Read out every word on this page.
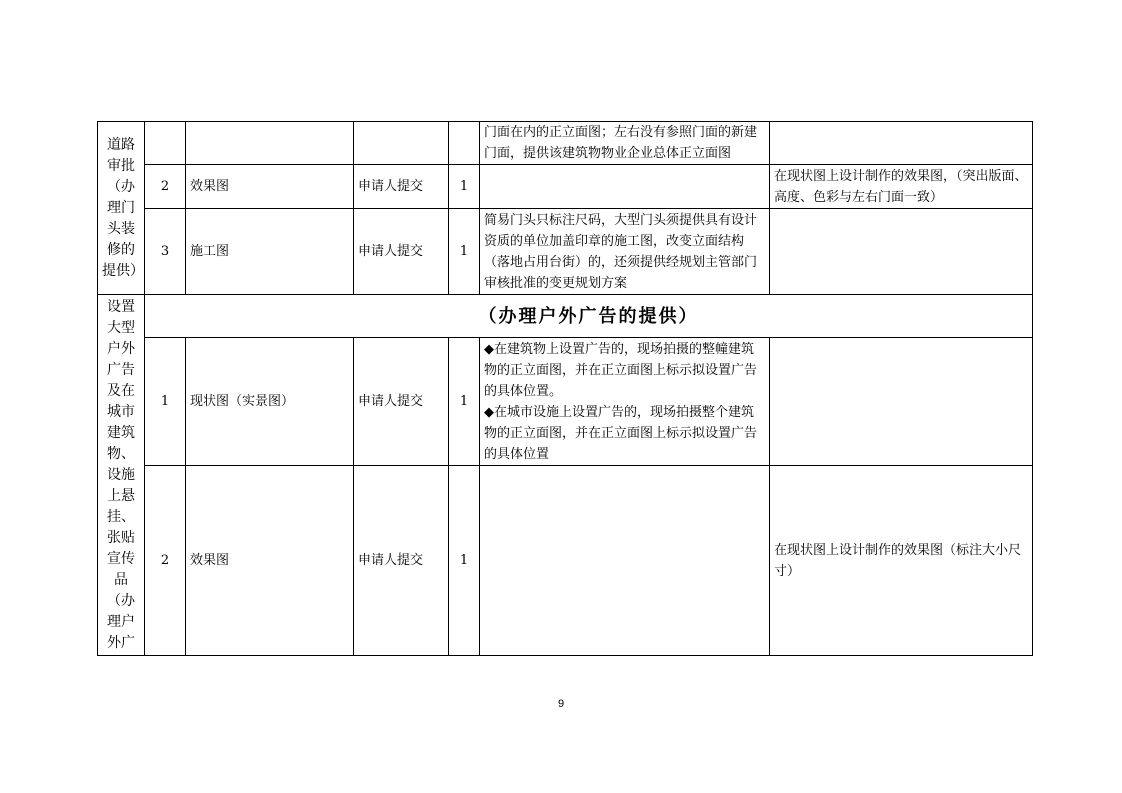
道路审批（办理门头装修的提供）					门面在内的正立面图；左右没有参照门面的新建门面，提供该建筑物物业企业总体正立面图	
	2	效果图	申请人提交	1		在现状图上设计制作的效果图，（突出版面、高度、色彩与左右门面一致）
	3	施工图	申请人提交	1	简易门头只标注尺码，大型门头须提供具有设计资质的单位加盖印章的施工图，改变立面结构（落地占用台街）的，还须提供经规划主管部门审核批准的变更规划方案	
设置大型户外广告及在城市建筑物、设施上悬挂、张贴宣传品（办理户外广	（办理户外广告的提供）					
	1	现状图（实景图）	申请人提交	1	◆在建筑物上设置广告的，现场拍摄的整幢建筑物的正立面图，并在正立面图上标示拟设置广告的具体位置。
◆在城市设施上设置广告的，现场拍摄整个建筑物的正立面图，并在正立面图上标示拟设置广告的具体位置	

	2	效果图	申请人提交	1		在现状图上设计制作的效果图（标注大小尺寸）
9
